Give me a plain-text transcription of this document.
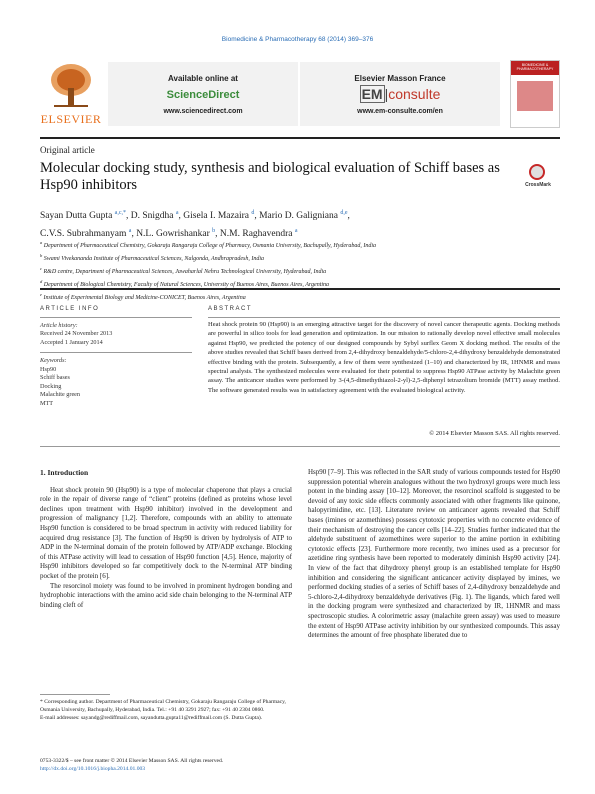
Biomedicine & Pharmacotherapy 68 (2014) 369–376
ELSEVIER
Available online at
ScienceDirect
www.sciencedirect.com
Elsevier Masson France
EM |consulte
www.em-consulte.com/en
BIOMEDICINE & PHARMACOTHERAPY
Original article
Molecular docking study, synthesis and biological evaluation of Schiff bases as Hsp90 inhibitors	CrossMark
Sayan Dutta Gupta $^{a,c,*}$, D. Snigdha $^a$, Gisela I. Mazaira $^d$, Mario D. Galigniana $^{d,e}$,
C.V.S. Subrahmanyam $^a$, N.L. Gowrishankar $^b$, N.M. Raghavendra $^a$
$^a$ Department of Pharmaceutical Chemistry, Gokaraju Rangaraju College of Pharmacy, Osmania University, Bachupally, Hyderabad, India
$^b$ Swami Vivekananda Institute of Pharmaceutical Sciences, Nalgonda, Andhrapradesh, India
$^c$ R&D centre, Department of Pharmaceutical Sciences, Jawaharlal Nehru Technological University, Hyderabad, India
$^d$ Department of Biological Chemistry, Faculty of Natural Sciences, University of Buenos Aires, Buenos Aires, Argentina
$^e$ Institute of Experimental Biology and Medicine-CONICET, Buenos Aires, Argentina
ARTICLE INFO
Article history:
Received 24 November 2013
Accepted 1 January 2014
Keywords:
Hsp90
Schiff bases
Docking
Malachite green
MTT
ABSTRACT
Heat shock protein 90 (Hsp90) is an emerging attractive target for the discovery of novel cancer therapeutic agents. Docking methods are powerful in silico tools for lead generation and optimization. In our mission to rationally develop novel effective small molecules against Hsp90, we predicted the potency of our designed compounds by Sybyl surflex Geom X docking method. The results of the above studies revealed that Schiff bases derived from 2,4-dihydroxy benzaldehyde/5-chloro-2,4-dihydroxy benzaldehyde demonstrated effective binding with the protein. Subsequently, a few of them were synthesized (1–10) and characterized by IR, 1HNMR and mass spectral analysis. The synthesized molecules were evaluated for their potential to suppress Hsp90 ATPase activity by Malachite green assay. The anticancer studies were performed by 3-(4,5-dimethythiazol-2-yl)-2,5-diphenyl tetrazolium bromide (MTT) assay method. The software generated results was in satisfactory agreement with the evaluated biological activity.
© 2014 Elsevier Masson SAS. All rights reserved.
1. Introduction

Heat shock protein 90 (Hsp90) is a type of molecular chaperone that plays a crucial role in the repair of diverse range of “client” proteins (defined as proteins whose level declines upon treatment with Hsp90 inhibitor) involved in the development and progression of malignancy [1,2]. Therefore, compounds with an ability to attenuate Hsp90 function is considered to be broad spectrum in activity with reduced liability for acquired drug resistance [3]. The function of Hsp90 is driven by hydrolysis of ATP to ADP in the N-terminal domain of the protein followed by ATP/ADP exchange. Blocking of this ATPase activity will lead to cessation of Hsp90 function [4,5]. Hence, majority of Hsp90 inhibitors developed so far competitively dock to the N-terminal ATP binding pocket of the protein [6].

The resorcinol moiety was found to be involved in prominent hydrogen bonding and hydrophobic interactions with the amino acid side chain belonging to the N-terminal ATP binding cleft of

Hsp90 [7–9]. This was reflected in the SAR study of various compounds tested for Hsp90 suppression potential wherein analogues without the two hydroxyl groups were much less potent in the binding assay [10–12]. Moreover, the resorcinol scaffold is suggested to be devoid of any toxic side effects commonly associated with other fragments like quinone, halopyrimidine, etc. [13]. Literature review on anticancer agents revealed that Schiff bases (imines or azomethines) possess cytotoxic properties with no concrete evidence of their mechanism of destroying the cancer cells [14–22]. Studies further indicated that the aldehyde substituent of azomethines were superior to the amine portion in exhibiting cytotoxic effects [23]. Furthermore more recently, two imines used as a precursor for azetidine ring synthesis have been reported to moderately diminish Hsp90 activity [24]. In view of the fact that dihydroxy phenyl group is an established template for Hsp90 inhibition and considering the significant anticancer activity displayed by imines, we performed docking studies of a series of Schiff bases of 2,4-dihydroxy benzaldehyde and 5-chloro-2,4-dihydroxy benzaldehyde derivatives (Fig. 1). The ligands, which fared well in the docking program were synthesized and characterized by IR, 1HNMR and mass spectroscopic studies. A colorimetric assay (malachite green assay) was used to measure the extent of Hsp90 ATPase activity inhibition by our synthesized compounds. This assay determines the amount of free phosphate liberated due to

* Corresponding author. Department of Pharmaceutical Chemistry, Gokaraju Rangaraju College of Pharmacy, Osmania University, Bachupally, Hyderabad, India. Tel.: +91 40 3291 2927; fax: +91 40 2304 0860.
E-mail addresses: sayandg@rediffmail.com, sayandutta.gupta11@rediffmail.com (S. Dutta Gupta).
0753-3322/$ – see front matter © 2014 Elsevier Masson SAS. All rights reserved.
http://dx.doi.org/10.1016/j.biopha.2014.01.003
